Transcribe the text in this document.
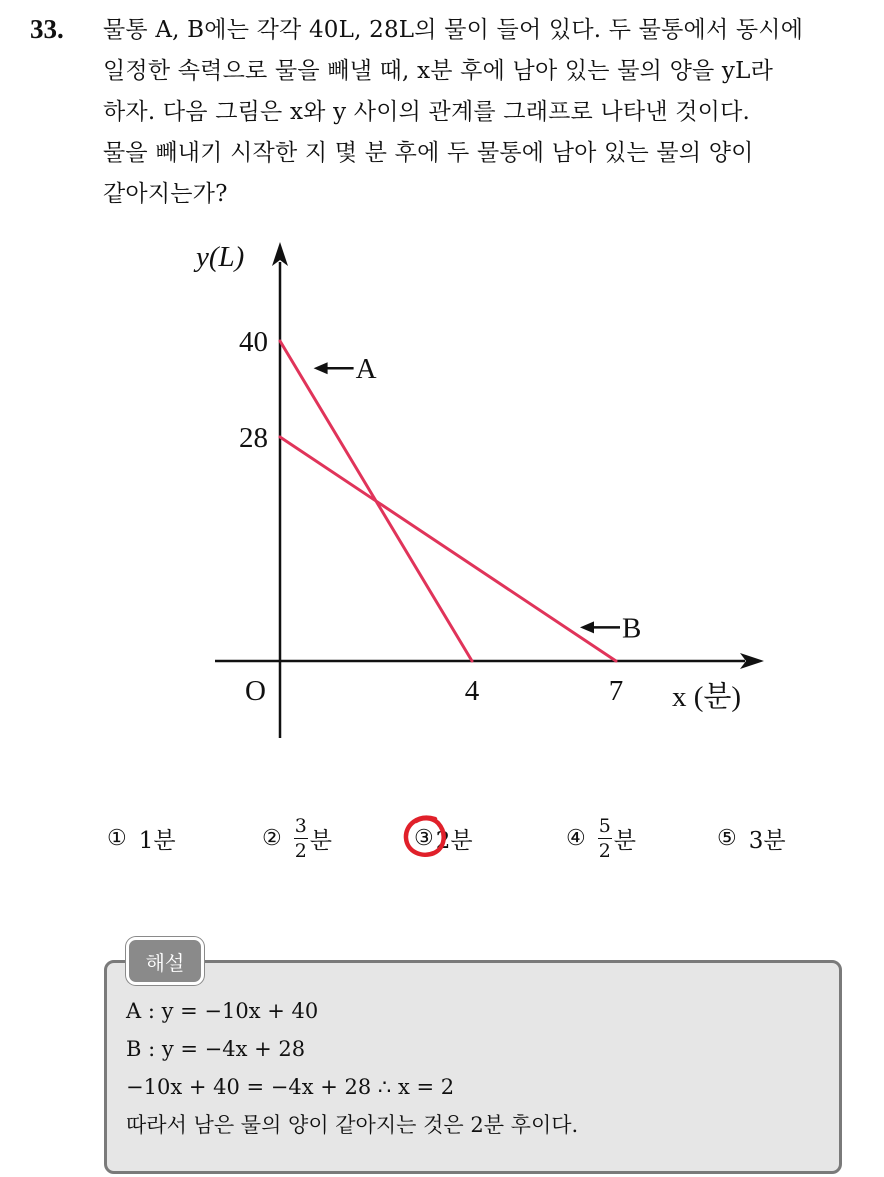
33. 물통 A, B에는 각각 40L, 28L의 물이 들어 있다. 두 물통에서 동시에
일정한 속력으로 물을 빼낼 때, x분 후에 남아 있는 물의 양을 yL라
하자. 다음 그림은 x와 y 사이의 관계를 그래프로 나타낸 것이다.
물을 빼내기 시작한 지 몇 분 후에 두 물통에 남아 있는 물의 양이
같아지는가?
y(L)
x (분)
O	4	7
40
28
A
B
① 1분	② $\frac{3}{2}$ 분	③ 2분	④ $\frac{5}{2}$ 분	⑤ 3분
해설
A : y = −10x + 40
B : y = −4x + 28
−10x + 40 = −4x + 28 ∴ x = 2
따라서 남은 물의 양이 같아지는 것은 2분 후이다.
